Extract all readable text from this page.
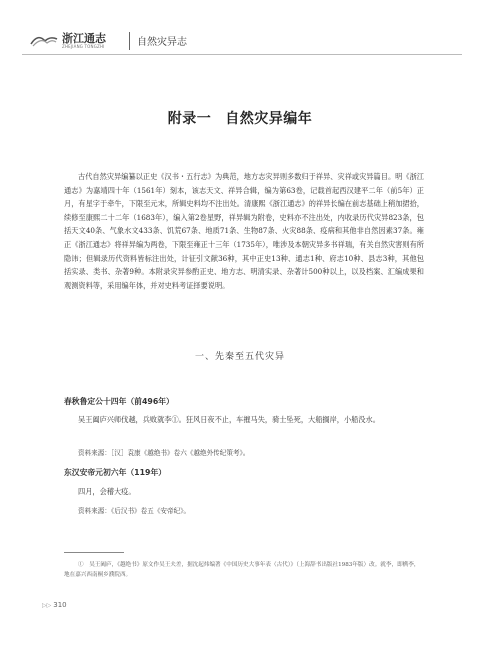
浙江通志
ZHEJIANG TONGZHI	自然灾异志
附录一 自然灾异编年
古代自然灾异编纂以正史《汉书・五行志》为典范，地方志灾异则多数归于祥异、灾祥或灾异篇目。明《浙江通志》为嘉靖四十年（1561年）刻本，该志天文、祥异合辑，编为第63卷，记载首起西汉建平二年（前5年）正月，有星字于牵牛，下限至元末，所辑史料均不注出处。清康熙《浙江通志》的祥异长编在前志基础上稍加捃拾，续修至康熙二十二年（1683年），编入第2卷星野，祥异辑为附卷，史料亦不注出处，内收录历代灾异823条，包括天文40条、气象水文433条、饥荒67条、地质71条、生物87条、火灾88条、疫病和其他非自然因素37条。雍正《浙江通志》将祥异编为两卷，下限至雍正十三年（1735年），唯涉及本朝灾异多书祥瑞，有关自然灾害则有所隐讳；但辑录历代资料皆标注出处，计征引文献36种，其中正史13种、通志1种、府志10种、县志3种，其他包括实录、类书、杂著9种。本附录灾异参酌正史、地方志、明清实录、杂著计500种以上，以及档案、汇编成果和观测资料等，采用编年体，并对史料考证择要说明。
一、先秦至五代灾异
春秋鲁定公十四年（前496年）
吴王阖庐兴师伐越，兵败就李①。狂风日夜不止，车摧马失，骑士坠死，大船搁岸，小船没水。
资料来源：［汉］袁康《越绝书》卷六《越绝外传纪策考》。
东汉安帝元初六年（119年）
四月，会稽大疫。
资料来源：《后汉书》卷五《安帝纪》。
①　吴王阖庐，《越绝书》原文作吴王夫差，据沈起炜编著《中国历史大事年表（古代）》（上海辞书出版社1983年版）改。就李，即檇李，地在嘉兴西南桐乡濮院西。
▷▷ 310
